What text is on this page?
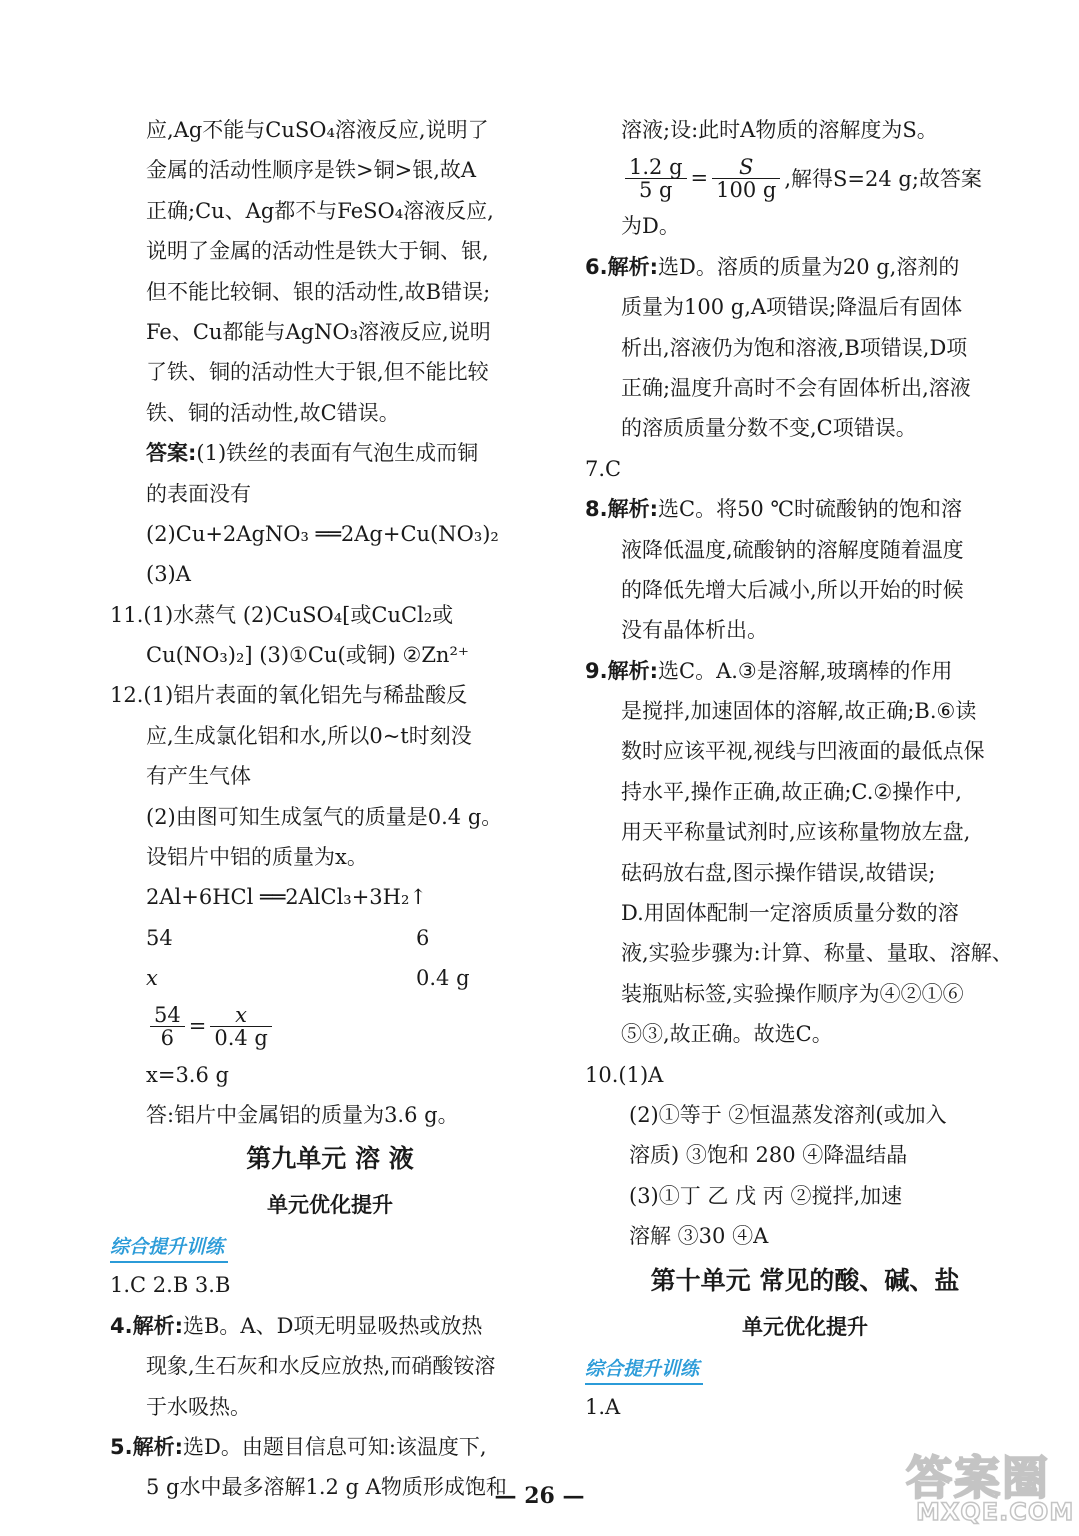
应,Ag不能与CuSO₄溶液反应,说明了
金属的活动性顺序是铁>铜>银,故A
正确;Cu、Ag都不与FeSO₄溶液反应,
说明了金属的活动性是铁大于铜、银,
但不能比较铜、银的活动性,故B错误;
Fe、Cu都能与AgNO₃溶液反应,说明
了铁、铜的活动性大于银,但不能比较
铁、铜的活动性,故C错误。
答案:(1)铁丝的表面有气泡生成而铜
的表面没有
(2)Cu+2AgNO₃ ══2Ag+Cu(NO₃)₂
(3)A
11.(1)水蒸气 (2)CuSO₄[或CuCl₂或
Cu(NO₃)₂] (3)①Cu(或铜) ②Zn²⁺
12.(1)铝片表面的氧化铝先与稀盐酸反
应,生成氯化铝和水,所以0~t时刻没
有产生气体
(2)由图可知生成氢气的质量是0.4 g。
设铝片中铝的质量为x。
2Al+6HCl ══2AlCl₃+3H₂↑
54	6
x	0.4 g
$\frac{54}{6} = \frac{x}{0.4 g}$
x=3.6 g
答:铝片中金属铝的质量为3.6 g。
第九单元 溶 液
单元优化提升
综合提升训练
1.C 2.B 3.B
4.解析:选B。A、D项无明显吸热或放热
现象,生石灰和水反应放热,而硝酸铵溶
于水吸热。
5.解析:选D。由题目信息可知:该温度下,
5 g水中最多溶解1.2 g A物质形成饱和
溶液;设:此时A物质的溶解度为S。
$\frac{1.2 g}{5 g} = \frac{S}{100 g}$ ,解得S=24 g;故答案
为D。
6.解析:选D。溶质的质量为20 g,溶剂的
质量为100 g,A项错误;降温后有固体
析出,溶液仍为饱和溶液,B项错误,D项
正确;温度升高时不会有固体析出,溶液
的溶质质量分数不变,C项错误。
7.C
8.解析:选C。将50 ℃时硫酸钠的饱和溶
液降低温度,硫酸钠的溶解度随着温度
的降低先增大后减小,所以开始的时候
没有晶体析出。
9.解析:选C。A.③是溶解,玻璃棒的作用
是搅拌,加速固体的溶解,故正确;B.⑥读
数时应该平视,视线与凹液面的最低点保
持水平,操作正确,故正确;C.②操作中,
用天平称量试剂时,应该称量物放左盘,
砝码放右盘,图示操作错误,故错误;
D.用固体配制一定溶质质量分数的溶
液,实验步骤为:计算、称量、量取、溶解、
装瓶贴标签,实验操作顺序为④②①⑥
⑤③,故正确。故选C。
10.(1)A
(2)①等于 ②恒温蒸发溶剂(或加入
溶质) ③饱和 280 ④降温结晶
(3)①丁 乙 戊 丙 ②搅拌,加速
溶解 ③30 ④A
第十单元 常见的酸、碱、盐
单元优化提升
综合提升训练
1.A
— 26 —	答案圈
MXQE.COM
